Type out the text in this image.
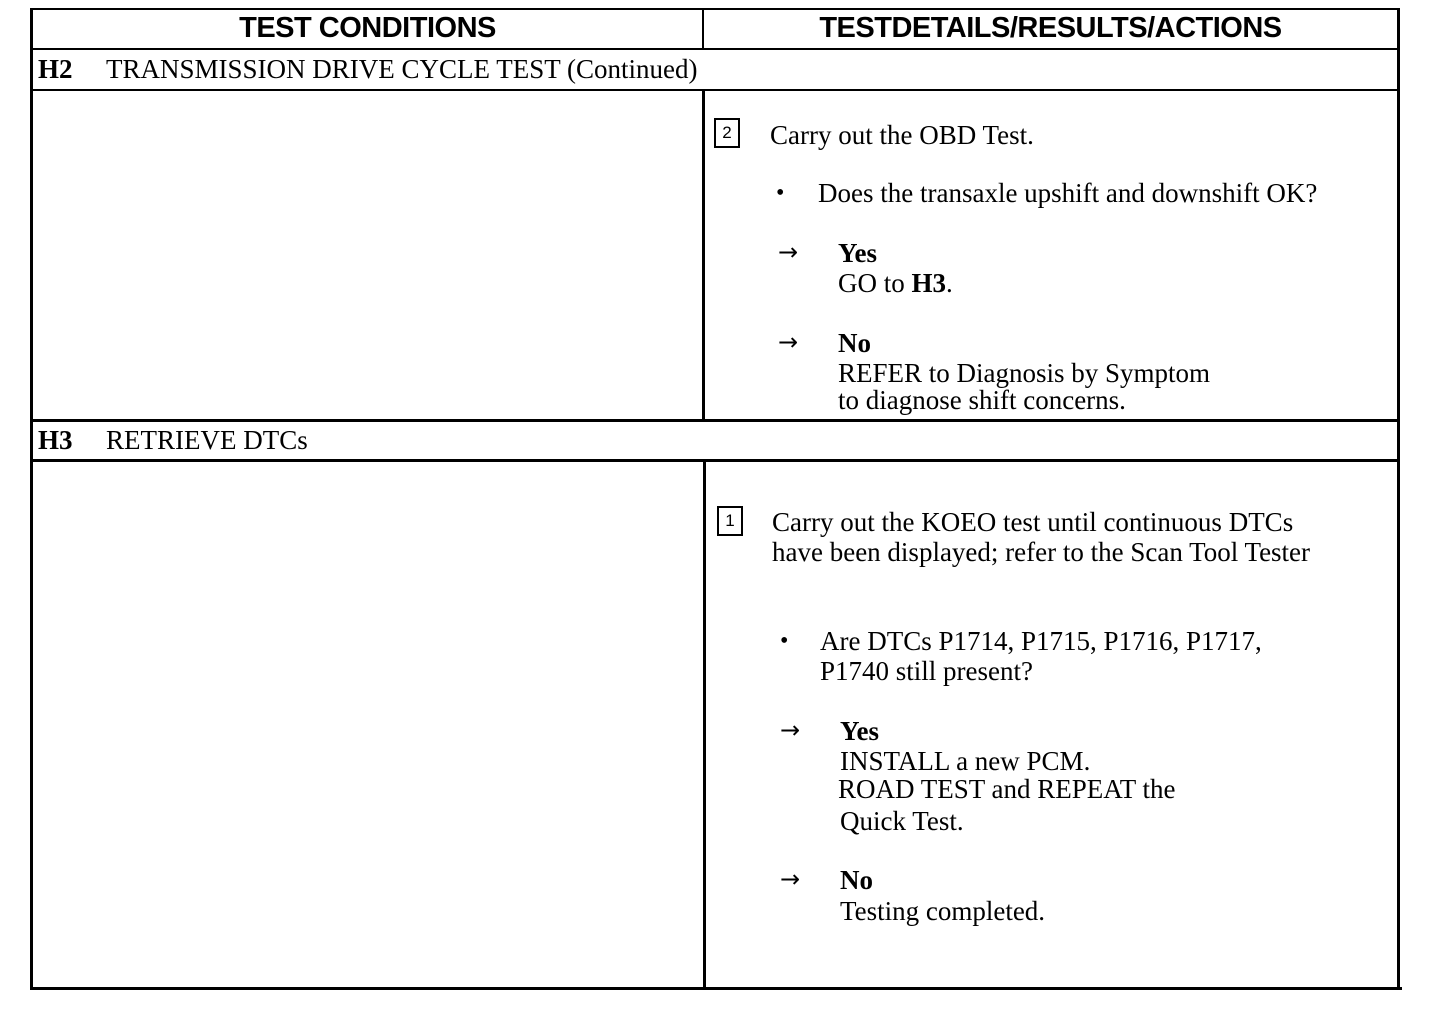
TEST CONDITIONS	TESTDETAILS/RESULTS/ACTIONS
H2 TRANSMISSION DRIVE CYCLE TEST (Continued)
2	Carry out the OBD Test.
• Does the transaxle upshift and downshift OK?
→ Yes
GO to H3.
→ No
REFER to Diagnosis by Symptom
to diagnose shift concerns.
H3 RETRIEVE DTCs
1	Carry out the KOEO test until continuous DTCs
have been displayed; refer to the Scan Tool Tester
• Are DTCs P1714, P1715, P1716, P1717,
P1740 still present?
→ Yes
INSTALL a new PCM.
ROAD TEST and REPEAT the
Quick Test.
→ No
Testing completed.
